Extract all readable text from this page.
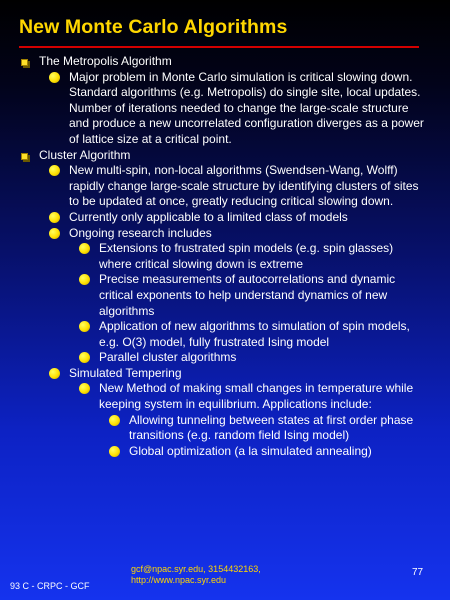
New Monte Carlo Algorithms
The Metropolis Algorithm
Major problem in Monte Carlo simulation is critical slowing down. Standard algorithms (e.g. Metropolis) do single site, local updates. Number of iterations needed to change the large-scale structure and produce a new uncorrelated configuration diverges as a power of lattice size at a critical point.
Cluster Algorithm
New multi-spin, non-local algorithms (Swendsen-Wang, Wolff) rapidly change large-scale structure by identifying clusters of sites to be updated at once, greatly reducing critical slowing down.
Currently only applicable to a limited class of models
Ongoing research includes
Extensions to frustrated spin models (e.g. spin glasses) where critical slowing down is extreme
Precise measurements of autocorrelations and dynamic critical exponents to help understand dynamics of new algorithms
Application of new algorithms to simulation of spin models, e.g. O(3) model, fully frustrated Ising model
Parallel cluster algorithms
Simulated Tempering
New Method of making small changes in temperature while keeping system in equilibrium. Applications include:
Allowing tunneling between states at first order phase transitions (e.g. random field Ising model)
Global optimization (a la simulated annealing)
93 C - CRPC - GCF
gcf@npac.syr.edu, 3154432163,
http://www.npac.syr.edu
77
